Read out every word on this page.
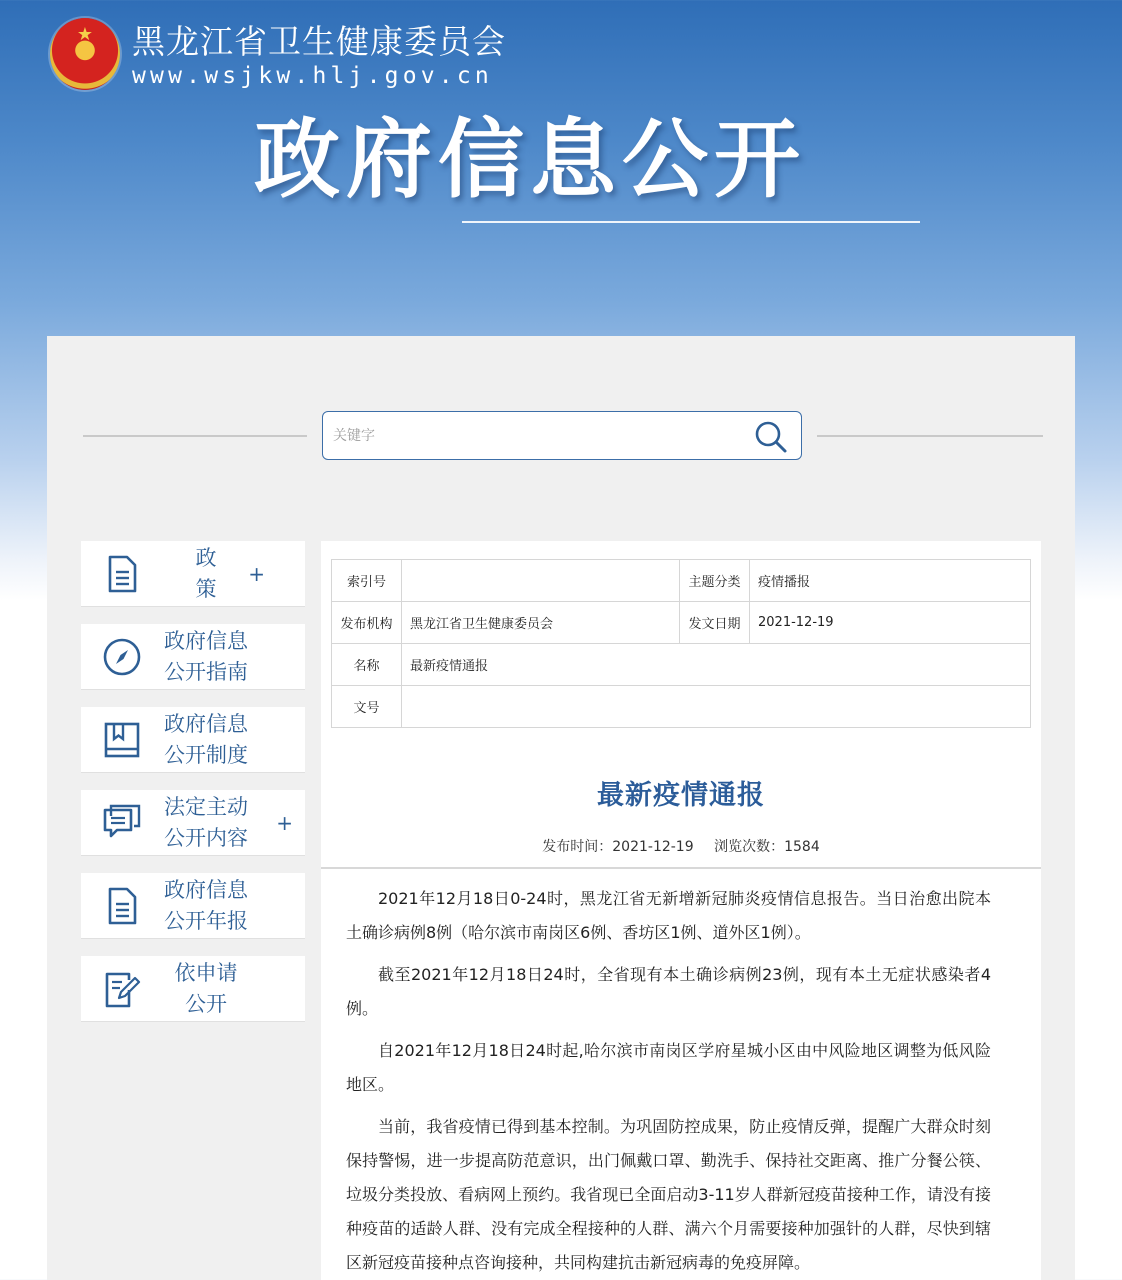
★
黑龙江省卫生健康委员会
www.wsjkw.hlj.gov.cn
政府信息公开
关键字
政 策
+
政府信息
公开指南
政府信息
公开制度
法定主动
公开内容
+
政府信息
公开年报
依申请
公开
索引号		主题分类	疫情播报
发布机构	黑龙江省卫生健康委员会	发文日期	2021-12-19
名称	最新疫情通报		
文号			
最新疫情通报
发布时间：2021-12-19 浏览次数：1584

2021年12月18日0-24时，黑龙江省无新增新冠肺炎疫情信息报告。当日治愈出院本土确诊病例8例（哈尔滨市南岗区6例、香坊区1例、道外区1例）。

截至2021年12月18日24时，全省现有本土确诊病例23例，现有本土无症状感染者4例。

自2021年12月18日24时起,哈尔滨市南岗区学府星城小区由中风险地区调整为低风险地区。

当前，我省疫情已得到基本控制。为巩固防控成果，防止疫情反弹，提醒广大群众时刻保持警惕，进一步提高防范意识，出门佩戴口罩、勤洗手、保持社交距离、推广分餐公筷、垃圾分类投放、看病网上预约。我省现已全面启动3-11岁人群新冠疫苗接种工作，请没有接种疫苗的适龄人群、没有完成全程接种的人群、满六个月需要接种加强针的人群，尽快到辖区新冠疫苗接种点咨询接种，共同构建抗击新冠病毒的免疫屏障。
